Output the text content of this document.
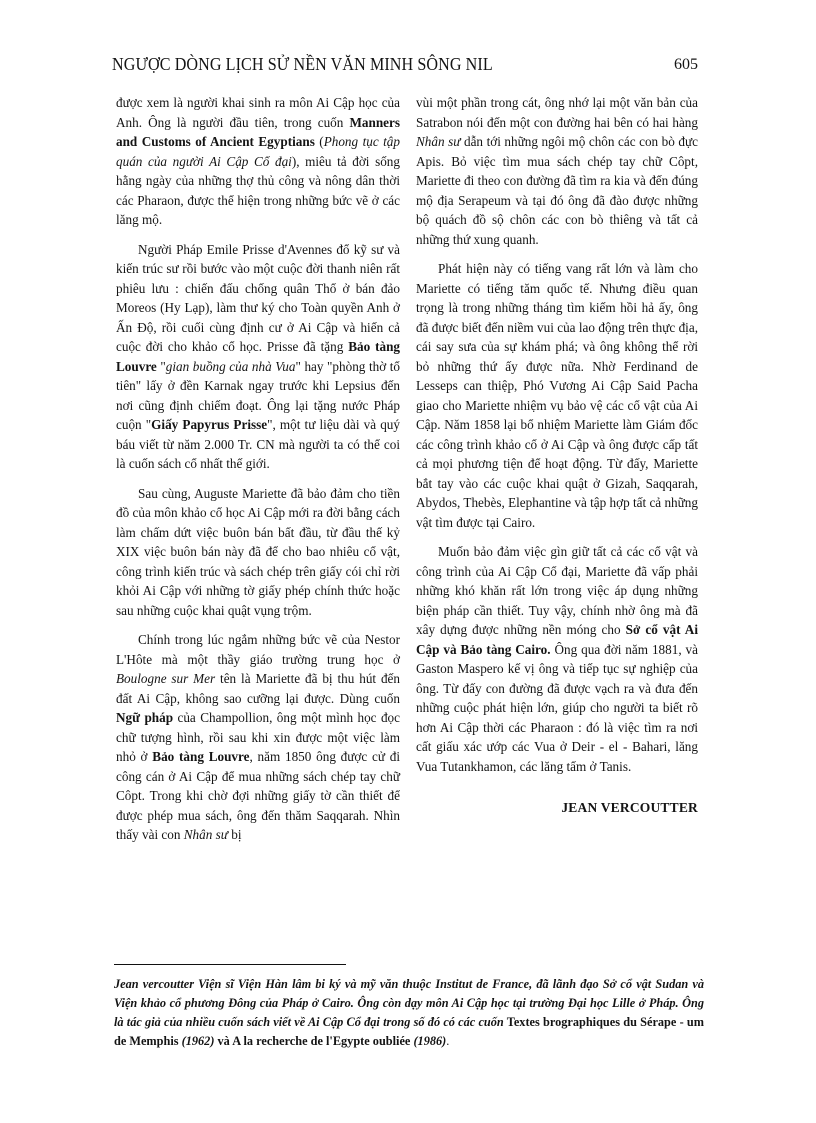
NGƯỢC DÒNG LỊCH SỬ NỀN VĂN MINH SÔNG NIL	605

được xem là người khai sinh ra môn Ai Cập học của Anh. Ông là người đầu tiên, trong cuốn Manners and Customs of Ancient Egyptians (Phong tục tập quán của người Ai Cập Cổ đại), miêu tả đời sống hằng ngày của những thợ thủ công và nông dân thời các Pharaon, được thể hiện trong những bức vẽ ở các lăng mộ.

Người Pháp Emile Prisse d'Avennes đổ kỹ sư và kiến trúc sư rồi bước vào một cuộc đời thanh niên rất phiêu lưu : chiến đấu chống quân Thổ ở bán đảo Moreos (Hy Lạp), làm thư ký cho Toàn quyền Anh ở Ấn Độ, rồi cuối cùng định cư ở Ai Cập và hiến cả cuộc đời cho khảo cổ học. Prisse đã tặng Bảo tàng Louvre "gian buồng của nhà Vua" hay "phòng thờ tổ tiên" lấy ở đền Karnak ngay trước khi Lepsius đến nơi cũng định chiếm đoạt. Ông lại tặng nước Pháp cuộn "Giấy Papyrus Prisse", một tư liệu dài và quý báu viết từ năm 2.000 Tr. CN mà người ta có thể coi là cuốn sách cổ nhất thế giới.

Sau cùng, Auguste Mariette đã bảo đảm cho tiền đồ của môn khảo cổ học Ai Cập mới ra đời bằng cách làm chấm dứt việc buôn bán bất đầu, từ đầu thế kỷ XIX việc buôn bán này đã để cho bao nhiêu cổ vật, công trình kiến trúc và sách chép trên giấy cói chỉ rời khỏi Ai Cập với những tờ giấy phép chính thức hoặc sau những cuộc khai quật vụng trộm.

Chính trong lúc ngắm những bức vẽ của Nestor L'Hôte mà một thầy giáo trường trung học ở Boulogne sur Mer tên là Mariette đã bị thu hút đến đất Ai Cập, không sao cưỡng lại được. Dùng cuốn Ngữ pháp của Champollion, ông một mình học đọc chữ tượng hình, rồi sau khi xin được một việc làm nhỏ ở Bảo tàng Louvre, năm 1850 ông được cử đi công cán ở Ai Cập để mua những sách chép tay chữ Côpt. Trong khi chờ đợi những giấy tờ cần thiết để được phép mua sách, ông đến thăm Saqqarah. Nhìn thấy vài con Nhân sư bị

vùi một phần trong cát, ông nhớ lại một văn bản của Satrabon nói đến một con đường hai bên có hai hàng Nhân sư dẫn tới những ngôi mộ chôn các con bò đực Apis. Bỏ việc tìm mua sách chép tay chữ Côpt, Mariette đi theo con đường đã tìm ra kia và đến đúng mộ địa Serapeum và tại đó ông đã đào được những bộ quách đồ sộ chôn các con bò thiêng và tất cả những thứ xung quanh.

Phát hiện này có tiếng vang rất lớn và làm cho Mariette có tiếng tăm quốc tế. Nhưng điều quan trọng là trong những tháng tìm kiếm hồi hả ấy, ông đã được biết đến niềm vui của lao động trên thực địa, cái say sưa của sự khám phá; và ông không thể rời bỏ những thứ ấy được nữa. Nhờ Ferdinand de Lesseps can thiệp, Phó Vương Ai Cập Said Pacha giao cho Mariette nhiệm vụ bảo vệ các cổ vật của Ai Cập. Năm 1858 lại bổ nhiệm Mariette làm Giám đốc các công trình khảo cổ ở Ai Cập và ông được cấp tất cả mọi phương tiện để hoạt động. Từ đấy, Mariette bắt tay vào các cuộc khai quật ở Gizah, Saqqarah, Abydos, Thebès, Elephantine và tập hợp tất cả những vật tìm được tại Cairo.

Muốn bảo đảm việc gìn giữ tất cả các cổ vật và công trình của Ai Cập Cổ đại, Mariette đã vấp phải những khó khăn rất lớn trong việc áp dụng những biện pháp cần thiết. Tuy vậy, chính nhờ ông mà đã xây dựng được những nền móng cho Sở cổ vật Ai Cập và Bảo tàng Cairo. Ông qua đời năm 1881, và Gaston Maspero kế vị ông và tiếp tục sự nghiệp của ông. Từ đấy con đường đã được vạch ra và đưa đến những cuộc phát hiện lớn, giúp cho người ta biết rõ hơn Ai Cập thời các Pharaon : đó là việc tìm ra nơi cất giấu xác ướp các Vua ở Deir - el - Bahari, lăng Vua Tutankhamon, các lăng tẩm ở Tanis.

JEAN VERCOUTTER
Jean vercoutter Viện sĩ Viện Hàn lâm bi ký và mỹ văn thuộc Institut de France, đã lãnh đạo Sở cổ vật Sudan và Viện khảo cổ phương Đông của Pháp ở Cairo. Ông còn dạy môn Ai Cập học tại trường Đại học Lille ở Pháp. Ông là tác giả của nhiều cuốn sách viết về Ai Cập Cổ đại trong số đó có các cuốn Textes brographiques du Sérape - um de Memphis (1962) và A la recherche de l'Egypte oubliée (1986).
